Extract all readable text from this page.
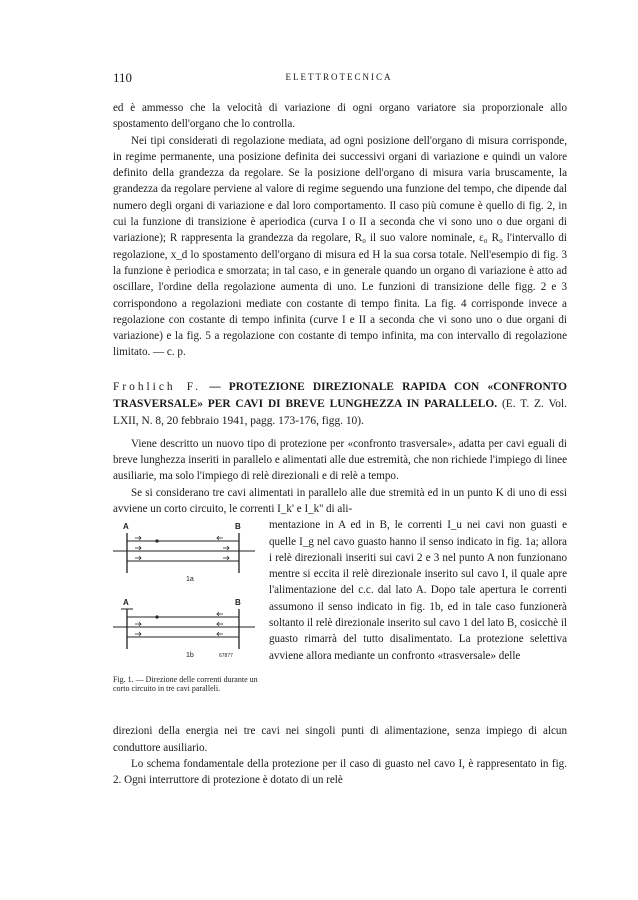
110	ELETTROTECNICA

ed è ammesso che la velocità di variazione di ogni organo variatore sia proporzionale allo spostamento dell'organo che lo controlla.

Nei tipi considerati di regolazione mediata, ad ogni posizione dell'organo di misura corrisponde, in regime permanente, una posizione definita dei successivi organi di variazione e quindi un valore definito della grandezza da regolare. Se la posizione dell'organo di misura varia bruscamente, la grandezza da regolare perviene al valore di regime seguendo una funzione del tempo, che dipende dal numero degli organi di variazione e dal loro comportamento. Il caso più comune è quello di fig. 2, in cui la funzione di transizione è aperiodica (curva I o II a seconda che vi sono uno o due organi di variazione); R rappresenta la grandezza da regolare, R₀ il suo valore nominale, ε₀ R₀ l'intervallo di regolazione, x_d lo spostamento dell'organo di misura ed H la sua corsa totale. Nell'esempio di fig. 3 la funzione è periodica e smorzata; in tal caso, e in generale quando un organo di variazione è atto ad oscillare, l'ordine della regolazione aumenta di uno. Le funzioni di transizione delle figg. 2 e 3 corrispondono a regolazioni mediate con costante di tempo finita. La fig. 4 corrisponde invece a regolazione con costante di tempo infinita (curve I e II a seconda che vi sono uno o due organi di variazione) e la fig. 5 a regolazione con costante di tempo infinita, ma con intervallo di regolazione limitato. — c. p.

Frohlich F. — PROTEZIONE DIREZIONALE RAPIDA CON «CONFRONTO TRASVERSALE» PER CAVI DI BREVE LUNGHEZZA IN PARALLELO. (E. T. Z. Vol. LXII, N. 8, 20 febbraio 1941, pagg. 173-176, figg. 10).

Viene descritto un nuovo tipo di protezione per «confronto trasversale», adatta per cavi eguali di breve lunghezza inseriti in parallelo e alimentati alle due estremità, che non richiede l'impiego di linee ausiliarie, ma solo l'impiego di relè direzionali e di relè a tempo.

Se si considerano tre cavi alimentati in parallelo alle due stremità ed in un punto K di uno di essi avviene un corto circuito, le correnti I_k' e I_k'' di ali-

A	B
1a
A	B
1b	67877
Fig. 1. — Direzione delle correnti durante un corto circuito in tre cavi paralleli.

mentazione in A ed in B, le correnti I_u nei cavi non guasti e quelle I_g nel cavo guasto hanno il senso indicato in fig. 1a; allora i relè direzionali inseriti sui cavi 2 e 3 nel punto A non funzionano mentre si eccita il relè direzionale inserito sul cavo I, il quale apre l'alimentazione del c.c. dal lato A. Dopo tale apertura le correnti assumono il senso indicato in fig. 1b, ed in tale caso funzionerà soltanto il relè direzionale inserito sul cavo 1 del lato B, cosicchè il guasto rimarrà del tutto disalimentato. La protezione selettiva avviene allora mediante un confronto «trasversale» delle

direzioni della energia nei tre cavi nei singoli punti di alimentazione, senza impiego di alcun conduttore ausiliario.

Lo schema fondamentale della protezione per il caso di guasto nel cavo I, è rappresentato in fig. 2. Ogni interruttore di protezione è dotato di un relè
